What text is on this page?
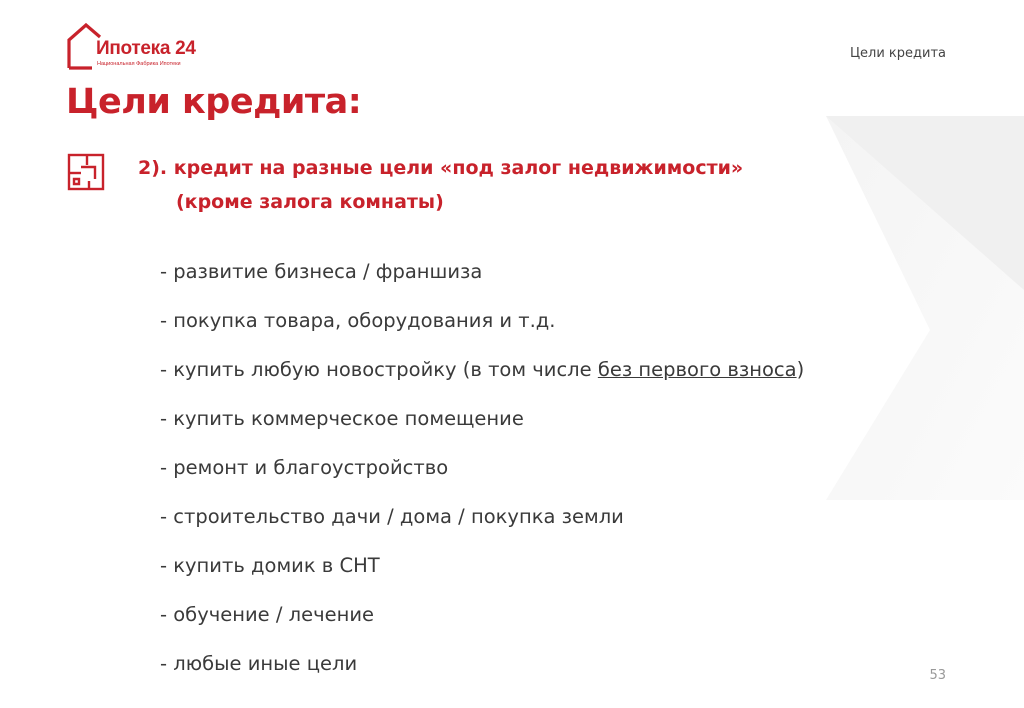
Ипотека 24
Национальная Фабрика Ипотеки
Цели кредита
Цели кредита:
2). кредит на разные цели «под залог недвижимости»
(кроме залога комнаты)
- развитие бизнеса / франшиза
- покупка товара, оборудования и т.д.
- купить любую новостройку (в том числе без первого взноса)
- купить коммерческое помещение
- ремонт и благоустройство
- строительство дачи / дома / покупка земли
- купить домик в СНТ
- обучение / лечение
- любые иные цели
53
